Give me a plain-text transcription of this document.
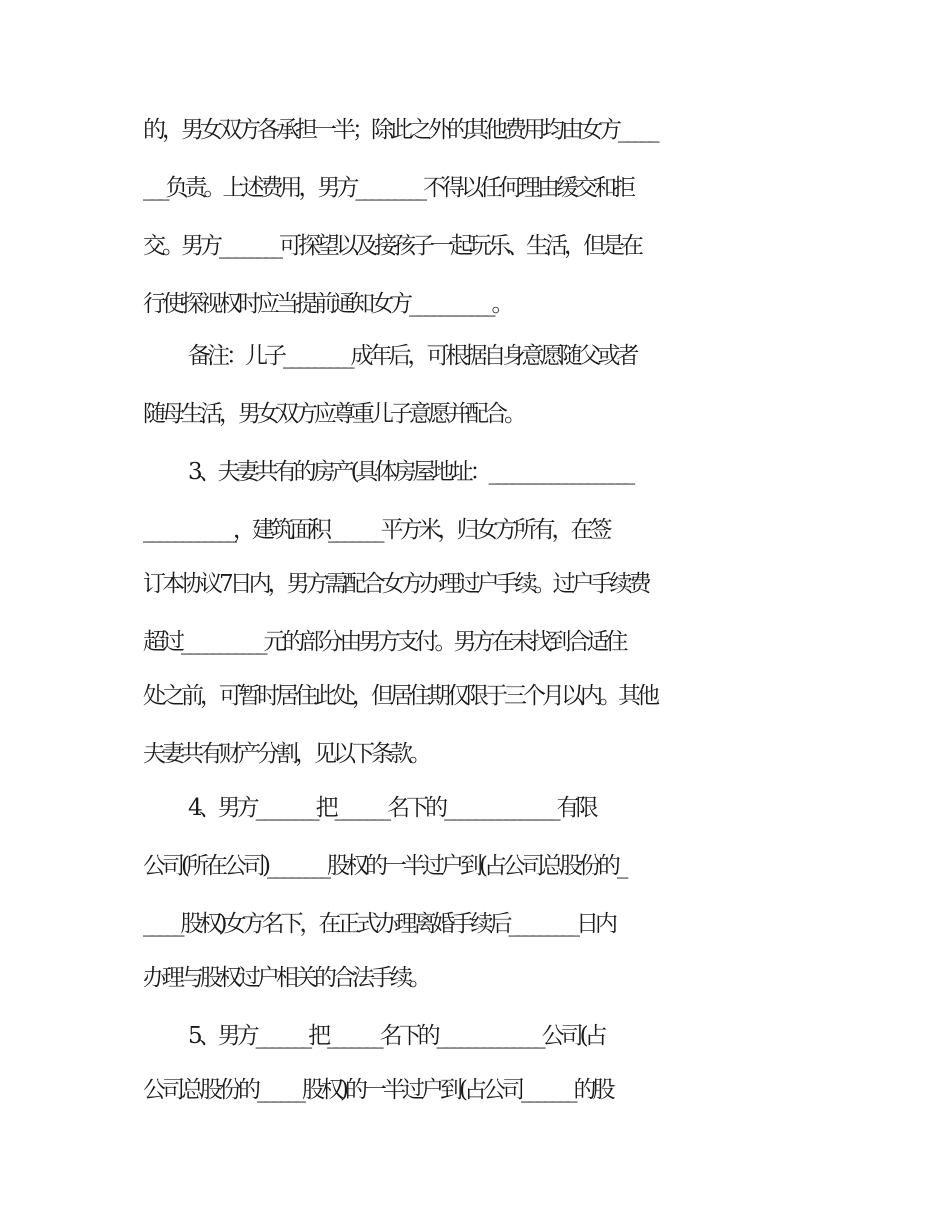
的，男女双方各承担一半；除此之外的其他费用均由女方_____
___负责。上述费用，男方_________不得以任何理由缓交和拒
交。男方________可探望以及接孩子一起玩乐、生活，但是在
行使探视权时应当提前通知女方___________。
备注：儿子_________成年后，可根据自身意愿随父或者
随母生活，男女双方应尊重儿子意愿并配合。
3、夫妻共有的房产(具体房屋地址：___________________
____________，建筑面积_______平方米，归女方所有，在签
订本协议7日内，男方需配合女方办理过户手续。过户手续费
超过___________元的部分由男方支付。男方在未找到合适住
处之前，可暂时居住此处，但居住期仅限于三个月以内。其他
夫妻共有财产分割，见以下条款。
4、男方________把_______名下的_______________有限
公司(所在公司)________股权的一半过户到(占公司总股份的_
_____股权)女方名下，在正式办理离婚手续后_________日内
办理与股权过户相关的合法手续。
5、男方_______把_______名下的______________公司(占
公司总股份的______股权)的一半过户到(占公司_______的股
